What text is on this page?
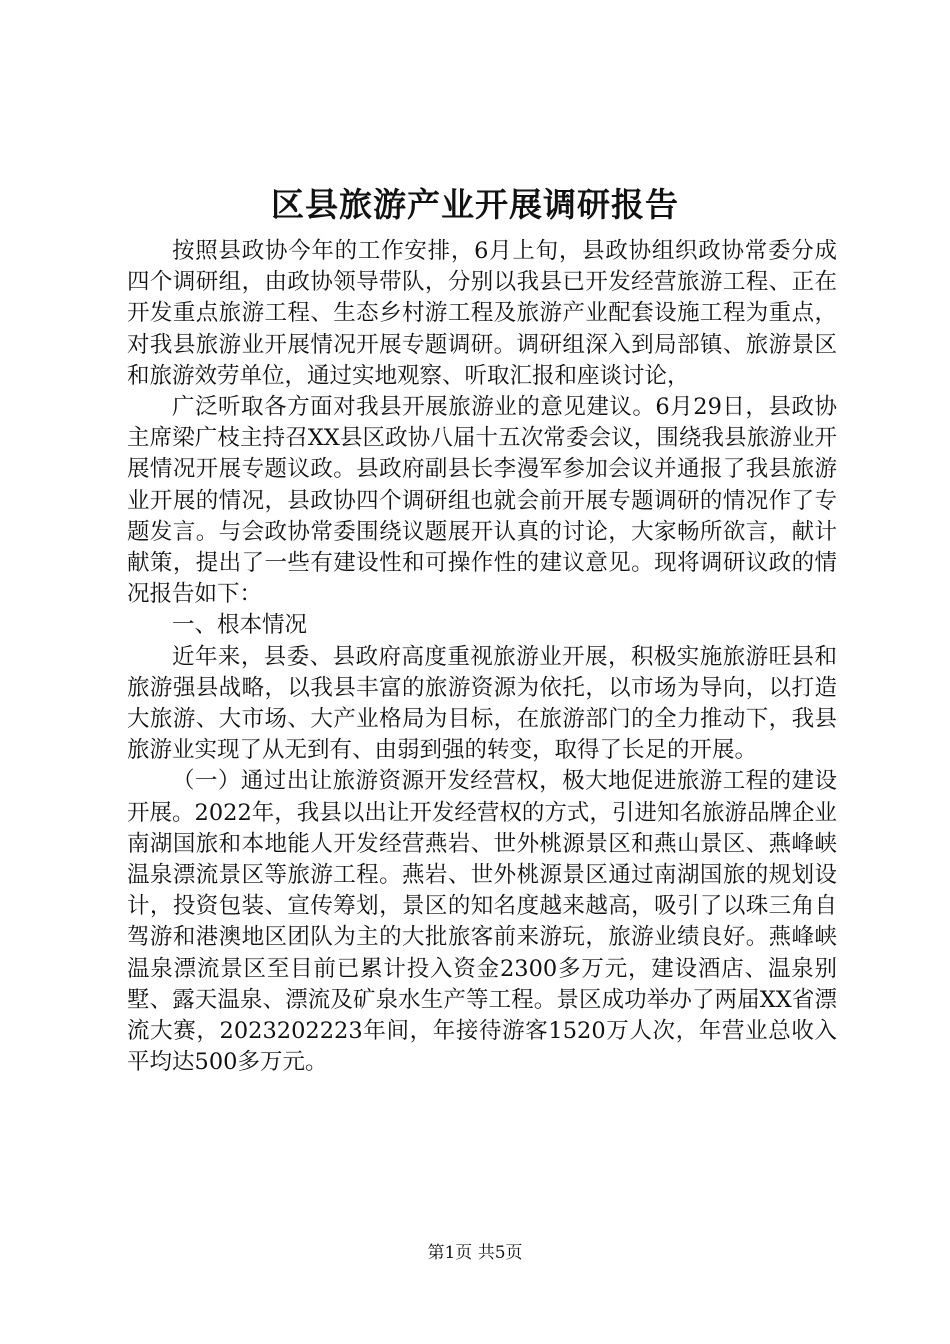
区县旅游产业开展调研报告

按照县政协今年的工作安排，6月上旬，县政协组织政协常委分成四个调研组，由政协领导带队，分别以我县已开发经营旅游工程、正在开发重点旅游工程、生态乡村游工程及旅游产业配套设施工程为重点，对我县旅游业开展情况开展专题调研。调研组深入到局部镇、旅游景区和旅游效劳单位，通过实地观察、听取汇报和座谈讨论，

广泛听取各方面对我县开展旅游业的意见建议。6月29日，县政协主席梁广枝主持召XX县区政协八届十五次常委会议，围绕我县旅游业开展情况开展专题议政。县政府副县长李漫军参加会议并通报了我县旅游业开展的情况，县政协四个调研组也就会前开展专题调研的情况作了专题发言。与会政协常委围绕议题展开认真的讨论，大家畅所欲言，献计献策，提出了一些有建设性和可操作性的建议意见。现将调研议政的情况报告如下：

一、根本情况

近年来，县委、县政府高度重视旅游业开展，积极实施旅游旺县和旅游强县战略，以我县丰富的旅游资源为依托，以市场为导向，以打造大旅游、大市场、大产业格局为目标，在旅游部门的全力推动下，我县旅游业实现了从无到有、由弱到强的转变，取得了长足的开展。

（一）通过出让旅游资源开发经营权，极大地促进旅游工程的建设开展。2022年，我县以出让开发经营权的方式，引进知名旅游品牌企业南湖国旅和本地能人开发经营燕岩、世外桃源景区和燕山景区、燕峰峡温泉漂流景区等旅游工程。燕岩、世外桃源景区通过南湖国旅的规划设计，投资包装、宣传筹划，景区的知名度越来越高，吸引了以珠三角自驾游和港澳地区团队为主的大批旅客前来游玩，旅游业绩良好。燕峰峡温泉漂流景区至目前已累计投入资金2300多万元，建设酒店、温泉别墅、露天温泉、漂流及矿泉水生产等工程。景区成功举办了两届XX省漂流大赛，2023202223年间，年接待游客1520万人次，年营业总收入平均达500多万元。

第1页 共5页
